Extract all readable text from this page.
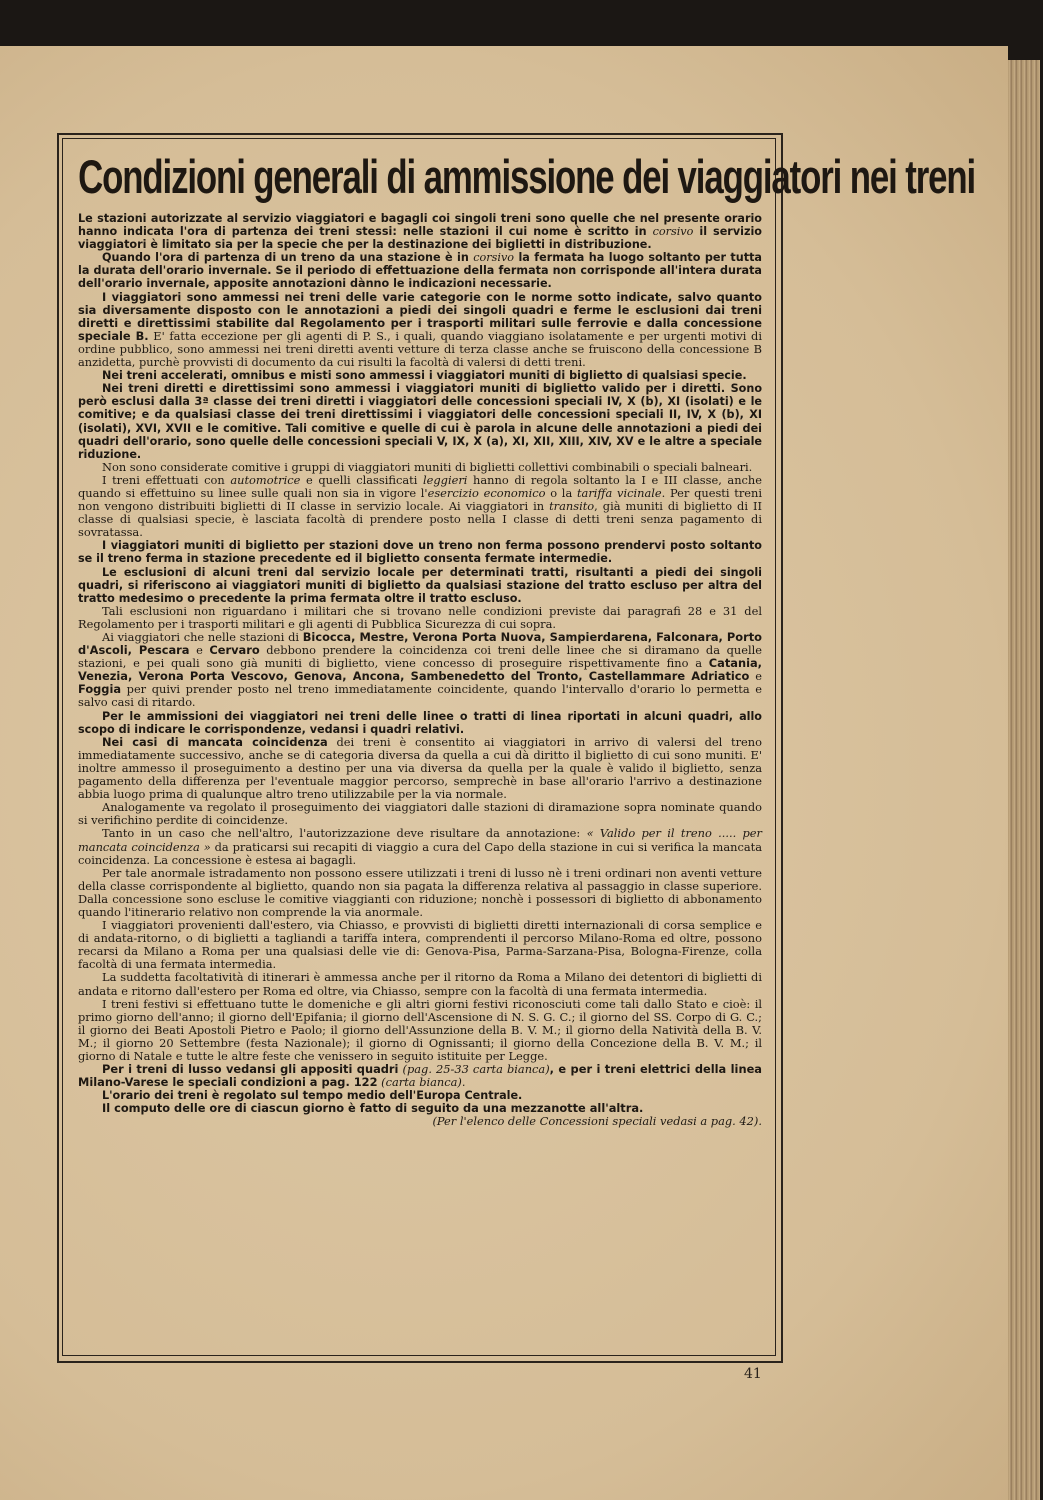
Condizioni generali di ammissione dei viaggiatori nei treni

Le stazioni autorizzate al servizio viaggiatori e bagagli coi singoli treni sono quelle che nel presente orario hanno indicata l'ora di partenza dei treni stessi: nelle stazioni il cui nome è scritto in corsivo il servizio viaggiatori è limitato sia per la specie che per la destinazione dei biglietti in distribuzione.

Quando l'ora di partenza di un treno da una stazione è in corsivo la fermata ha luogo soltanto per tutta la durata dell'orario invernale. Se il periodo di effettuazione della fermata non corrisponde all'intera durata dell'orario invernale, apposite annotazioni dànno le indicazioni necessarie.

I viaggiatori sono ammessi nei treni delle varie categorie con le norme sotto indicate, salvo quanto sia diversamente disposto con le annotazioni a piedi dei singoli quadri e ferme le esclusioni dai treni diretti e direttissimi stabilite dal Regolamento per i trasporti militari sulle ferrovie e dalla concessione speciale B. E' fatta eccezione per gli agenti di P. S., i quali, quando viaggiano isolatamente e per urgenti motivi di ordine pubblico, sono ammessi nei treni diretti aventi vetture di terza classe anche se fruiscono della concessione B anzidetta, purchè provvisti di documento da cui risulti la facoltà di valersi di detti treni.

Nei treni accelerati, omnibus e misti sono ammessi i viaggiatori muniti di biglietto di qualsiasi specie.

Nei treni diretti e direttissimi sono ammessi i viaggiatori muniti di biglietto valido per i diretti. Sono però esclusi dalla 3ª classe dei treni diretti i viaggiatori delle concessioni speciali IV, X (b), XI (isolati) e le comitive; e da qualsiasi classe dei treni direttissimi i viaggiatori delle concessioni speciali II, IV, X (b), XI (isolati), XVI, XVII e le comitive. Tali comitive e quelle di cui è parola in alcune delle annotazioni a piedi dei quadri dell'orario, sono quelle delle concessioni speciali V, IX, X (a), XI, XII, XIII, XIV, XV e le altre a speciale riduzione.

Non sono considerate comitive i gruppi di viaggiatori muniti di biglietti collettivi combinabili o speciali balneari.

I treni effettuati con automotrice e quelli classificati leggieri hanno di regola soltanto la I e III classe, anche quando si effettuino su linee sulle quali non sia in vigore l'esercizio economico o la tariffa vicinale. Per questi treni non vengono distribuiti biglietti di II classe in servizio locale. Ai viaggiatori in transito, già muniti di biglietto di II classe di qualsiasi specie, è lasciata facoltà di prendere posto nella I classe di detti treni senza pagamento di sovratassa.

I viaggiatori muniti di biglietto per stazioni dove un treno non ferma possono prendervi posto soltanto se il treno ferma in stazione precedente ed il biglietto consenta fermate intermedie.

Le esclusioni di alcuni treni dal servizio locale per determinati tratti, risultanti a piedi dei singoli quadri, si riferiscono ai viaggiatori muniti di biglietto da qualsiasi stazione del tratto escluso per altra del tratto medesimo o precedente la prima fermata oltre il tratto escluso.

Tali esclusioni non riguardano i militari che si trovano nelle condizioni previste dai paragrafi 28 e 31 del Regolamento per i trasporti militari e gli agenti di Pubblica Sicurezza di cui sopra.

Ai viaggiatori che nelle stazioni di Bicocca, Mestre, Verona Porta Nuova, Sampierdarena, Falconara, Porto d'Ascoli, Pescara e Cervaro debbono prendere la coincidenza coi treni delle linee che si diramano da quelle stazioni, e pei quali sono già muniti di biglietto, viene concesso di proseguire rispettivamente fino a Catania, Venezia, Verona Porta Vescovo, Genova, Ancona, Sambenedetto del Tronto, Castellammare Adriatico e Foggia per quivi prender posto nel treno immediatamente coincidente, quando l'intervallo d'orario lo permetta e salvo casi di ritardo.

Per le ammissioni dei viaggiatori nei treni delle linee o tratti di linea riportati in alcuni quadri, allo scopo di indicare le corrispondenze, vedansi i quadri relativi.

Nei casi di mancata coincidenza dei treni è consentito ai viaggiatori in arrivo di valersi del treno immediatamente successivo, anche se di categoria diversa da quella a cui dà diritto il biglietto di cui sono muniti. E' inoltre ammesso il proseguimento a destino per una via diversa da quella per la quale è valido il biglietto, senza pagamento della differenza per l'eventuale maggior percorso, semprechè in base all'orario l'arrivo a destinazione abbia luogo prima di qualunque altro treno utilizzabile per la via normale.

Analogamente va regolato il proseguimento dei viaggiatori dalle stazioni di diramazione sopra nominate quando si verifichino perdite di coincidenze.

Tanto in un caso che nell'altro, l'autorizzazione deve risultare da annotazione: « Valido per il treno ..... per mancata coincidenza » da praticarsi sui recapiti di viaggio a cura del Capo della stazione in cui si verifica la mancata coincidenza. La concessione è estesa ai bagagli.

Per tale anormale istradamento non possono essere utilizzati i treni di lusso nè i treni ordinari non aventi vetture della classe corrispondente al biglietto, quando non sia pagata la differenza relativa al passaggio in classe superiore. Dalla concessione sono escluse le comitive viaggianti con riduzione; nonchè i possessori di biglietto di abbonamento quando l'itinerario relativo non comprende la via anormale.

I viaggiatori provenienti dall'estero, via Chiasso, e provvisti di biglietti diretti internazionali di corsa semplice e di andata-ritorno, o di biglietti a tagliandi a tariffa intera, comprendenti il percorso Milano-Roma ed oltre, possono recarsi da Milano a Roma per una qualsiasi delle vie di: Genova-Pisa, Parma-Sarzana-Pisa, Bologna-Firenze, colla facoltà di una fermata intermedia.

La suddetta facoltatività di itinerari è ammessa anche per il ritorno da Roma a Milano dei detentori di biglietti di andata e ritorno dall'estero per Roma ed oltre, via Chiasso, sempre con la facoltà di una fermata intermedia.

I treni festivi si effettuano tutte le domeniche e gli altri giorni festivi riconosciuti come tali dallo Stato e cioè: il primo giorno dell'anno; il giorno dell'Epifania; il giorno dell'Ascensione di N. S. G. C.; il giorno del SS. Corpo di G. C.; il giorno dei Beati Apostoli Pietro e Paolo; il giorno dell'Assunzione della B. V. M.; il giorno della Natività della B. V. M.; il giorno 20 Settembre (festa Nazionale); il giorno di Ognissanti; il giorno della Concezione della B. V. M.; il giorno di Natale e tutte le altre feste che venissero in seguito istituite per Legge.

Per i treni di lusso vedansi gli appositi quadri (pag. 25-33 carta bianca), e per i treni elettrici della linea Milano-Varese le speciali condizioni a pag. 122 (carta bianca).

L'orario dei treni è regolato sul tempo medio dell'Europa Centrale.

Il computo delle ore di ciascun giorno è fatto di seguito da una mezzanotte all'altra.
(Per l'elenco delle Concessioni speciali vedasi a pag. 42).

41
